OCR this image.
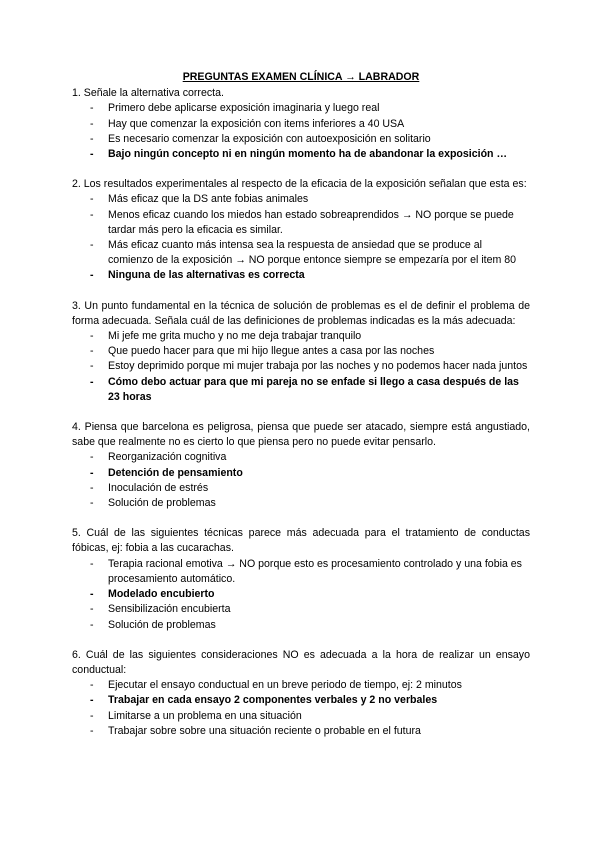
PREGUNTAS EXAMEN CLÍNICA → LABRADOR
1. Señale la alternativa correcta.
- Primero debe aplicarse exposición imaginaria y luego real
- Hay que comenzar la exposición con items inferiores a 40 USA
- Es necesario comenzar la exposición con autoexposición en solitario
- Bajo ningún concepto ni en ningún momento ha de abandonar la exposición …
2. Los resultados experimentales al respecto de la eficacia de la exposición señalan que esta es:
- Más eficaz que la DS ante fobias animales
- Menos eficaz cuando los miedos han estado sobreaprendidos → NO porque se puede tardar más pero la eficacia es similar.
- Más eficaz cuanto más intensa sea la respuesta de ansiedad que se produce al comienzo de la exposición → NO porque entonce siempre se empezaría por el item 80
- Ninguna de las alternativas es correcta
3. Un punto fundamental en la técnica de solución de problemas es el de definir el problema de forma adecuada. Señala cuál de las definiciones de problemas indicadas es la más adecuada:
- Mi jefe me grita mucho y no me deja trabajar tranquilo
- Que puedo hacer para que mi hijo llegue antes a casa por las noches
- Estoy deprimido porque mi mujer trabaja por las noches y no podemos hacer nada juntos
- Cómo debo actuar para que mi pareja no se enfade si llego a casa después de las 23 horas
4. Piensa que barcelona es peligrosa, piensa que puede ser atacado, siempre está angustiado, sabe que realmente no es cierto lo que piensa pero no puede evitar pensarlo.
- Reorganización cognitiva
- Detención de pensamiento
- Inoculación de estrés
- Solución de problemas
5. Cuál de las siguientes técnicas parece más adecuada para el tratamiento de conductas fóbicas, ej: fobia a las cucarachas.
- Terapia racional emotiva → NO porque esto es procesamiento controlado y una fobia es procesamiento automático.
- Modelado encubierto
- Sensibilización encubierta
- Solución de problemas
6. Cuál de las siguientes consideraciones NO es adecuada a la hora de realizar un ensayo conductual:
- Ejecutar el ensayo conductual en un breve periodo de tiempo, ej: 2 minutos
- Trabajar en cada ensayo 2 componentes verbales y 2 no verbales
- Limitarse a un problema en una situación
- Trabajar sobre sobre una situación reciente o probable en el futura
